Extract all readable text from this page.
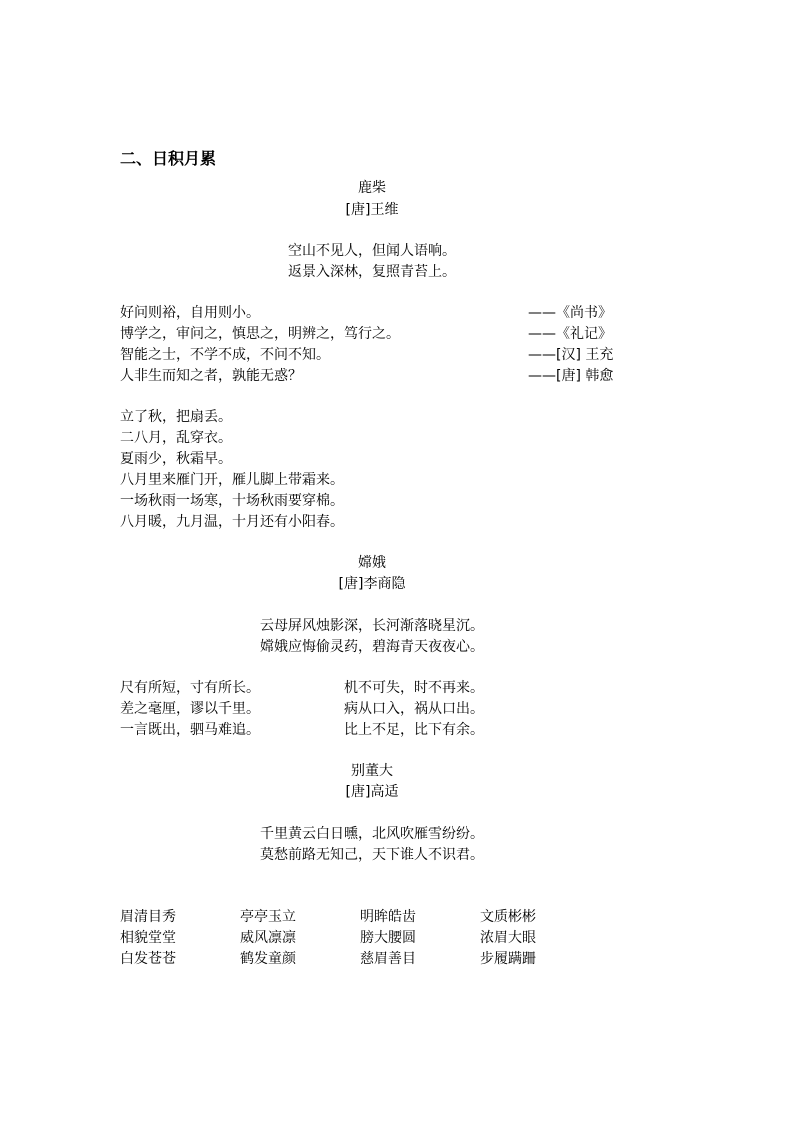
二、日积月累
鹿柴
[唐]王维
空山不见人，但闻人语响。
返景入深林，复照青苔上。
好问则裕，自用则小。	——《尚书》
博学之，审问之，慎思之，明辨之，笃行之。	——《礼记》
智能之士，不学不成，不问不知。	——[汉] 王充
人非生而知之者，孰能无惑？	——[唐] 韩愈
立了秋，把扇丢。
二八月，乱穿衣。
夏雨少，秋霜早。
八月里来雁门开，雁儿脚上带霜来。
一场秋雨一场寒，十场秋雨要穿棉。
八月暖，九月温，十月还有小阳春。
嫦娥
[唐]李商隐
云母屏风烛影深，长河渐落晓星沉。
嫦娥应悔偷灵药，碧海青天夜夜心。
尺有所短，寸有所长。	机不可失，时不再来。
差之毫厘，谬以千里。	病从口入，祸从口出。
一言既出，驷马难追。	比上不足，比下有余。
别董大
[唐]高适
千里黄云白日曛，北风吹雁雪纷纷。
莫愁前路无知己，天下谁人不识君。
眉清目秀	亭亭玉立	明眸皓齿	文质彬彬
相貌堂堂	威风凛凛	膀大腰圆	浓眉大眼
白发苍苍	鹤发童颜	慈眉善目	步履蹒跚
